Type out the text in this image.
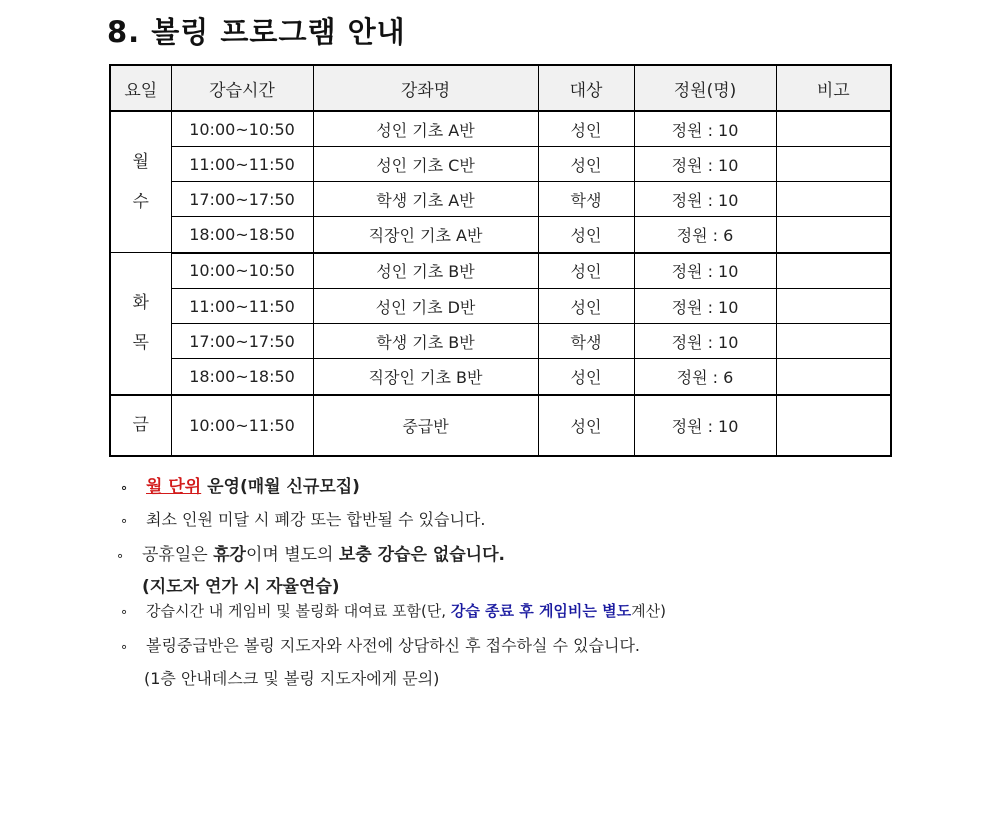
8. 볼링 프로그램 안내
요일	강습시간	강좌명	대상	정원(명)	비고

월
수	10:00~10:50	성인 기초 A반	성인	정원 : 10	
	11:00~11:50	성인 기초 C반	성인	정원 : 10	
	17:00~17:50	학생 기초 A반	학생	정원 : 10	
	18:00~18:50	직장인 기초 A반	성인	정원 : 6	

화
목	10:00~10:50	성인 기초 B반	성인	정원 : 10	
	11:00~11:50	성인 기초 D반	성인	정원 : 10	
	17:00~17:50	학생 기초 B반	학생	정원 : 10	
	18:00~18:50	직장인 기초 B반	성인	정원 : 6	

금	10:00~11:50	중급반	성인	정원 : 10	
∘ 월 단위 운영(매월 신규모집)
∘ 최소 인원 미달 시 폐강 또는 합반될 수 있습니다.
∘ 공휴일은 휴강이며 별도의 보충 강습은 없습니다.
(지도자 연가 시 자율연습)
∘ 강습시간 내 게임비 및 볼링화 대여료 포함(단, 강습 종료 후 게임비는 별도계산)
∘ 볼링중급반은 볼링 지도자와 사전에 상담하신 후 접수하실 수 있습니다.
(1층 안내데스크 및 볼링 지도자에게 문의)
